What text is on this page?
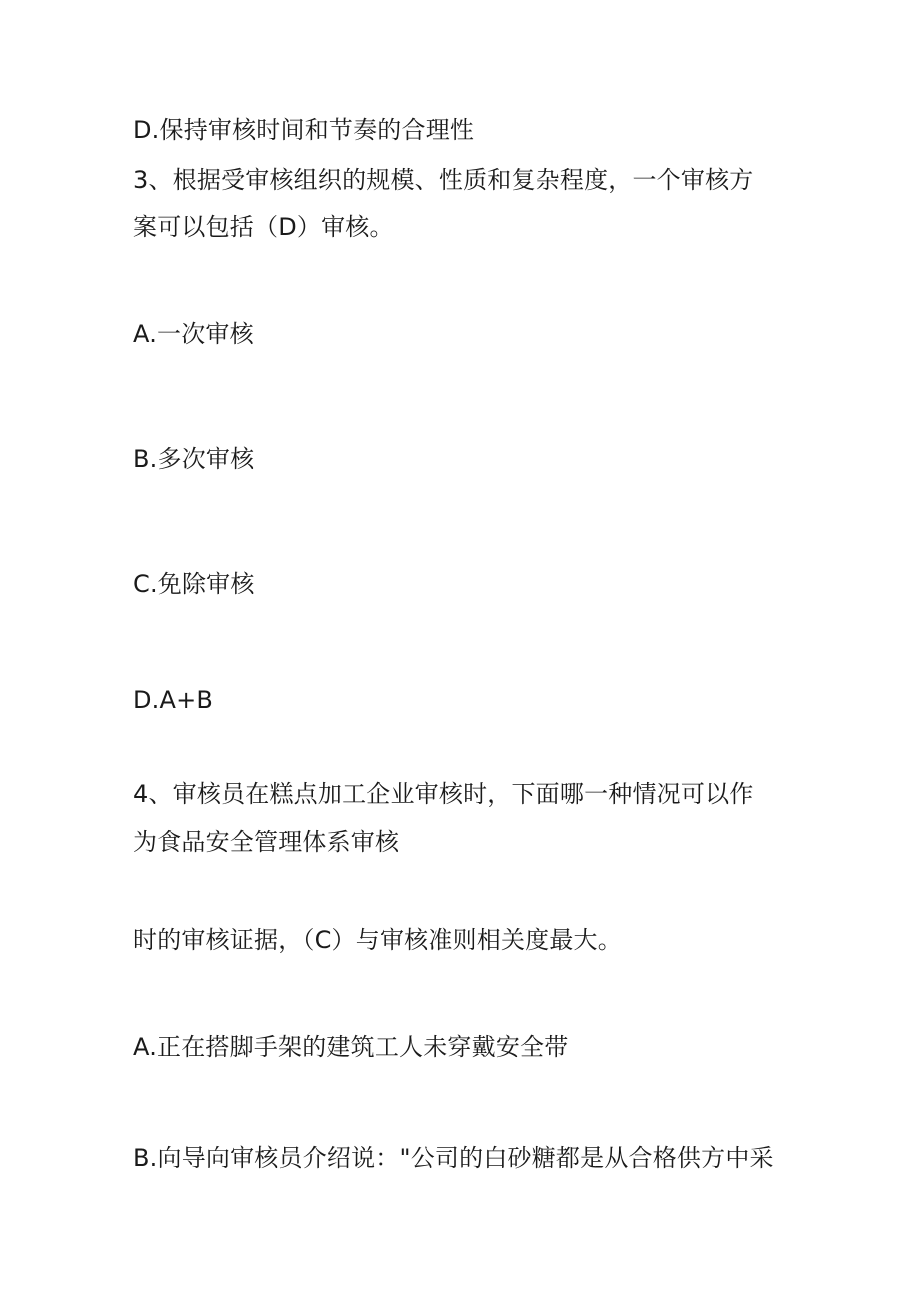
D.保持审核时间和节奏的合理性
3、根据受审核组织的规模、性质和复杂程度，一个审核方
案可以包括（D）审核。
A.一次审核
B.多次审核
C.免除审核
D.A+B
4、审核员在糕点加工企业审核时，下面哪一种情况可以作
为食品安全管理体系审核
时的审核证据，（C）与审核准则相关度最大。
A.正在搭脚手架的建筑工人未穿戴安全带
B.向导向审核员介绍说："公司的白砂糖都是从合格供方中采
